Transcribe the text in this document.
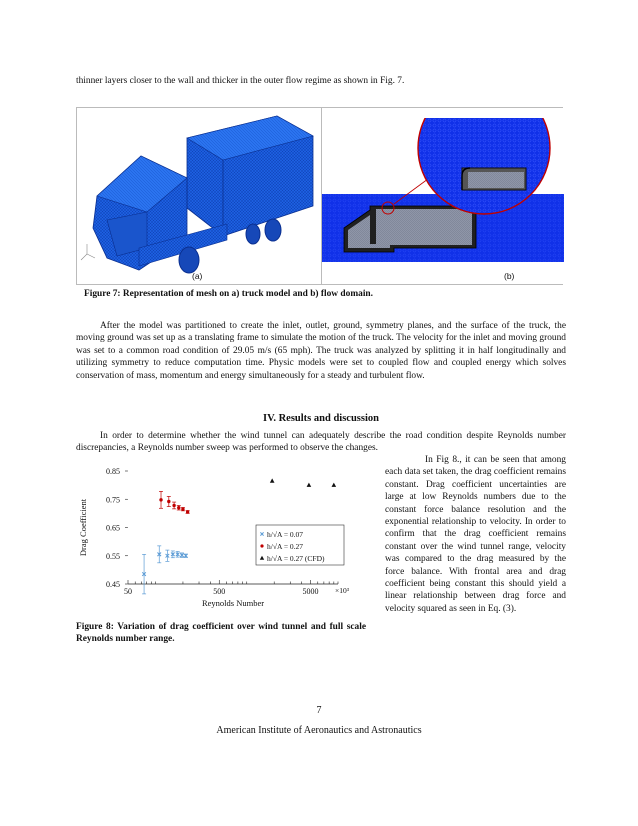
thinner layers closer to the wall and thicker in the outer flow regime as shown in Fig. 7.
(a)	(b)
Figure 7: Representation of mesh on a) truck model and b) flow domain.
After the model was partitioned to create the inlet, outlet, ground, symmetry planes, and the surface of the truck, the moving ground was set up as a translating frame to simulate the motion of the truck. The velocity for the inlet and moving ground was set to a common road condition of 29.05 m/s (65 mph). The truck was analyzed by splitting it in half longitudinally and utilizing symmetry to reduce computation time. Physic models were set to coupled flow and coupled energy which solves conservation of mass, momentum and energy simultaneously for a steady and turbulent flow.
IV. Results and discussion
In order to determine whether the wind tunnel can adequately describe the road condition despite Reynolds number discrepancies, a Reynolds number sweep was performed to observe the changes.
In Fig 8., it can be seen that among each data set taken, the drag coefficient remains constant. Drag coefficient uncertainties are large at low Reynolds numbers due to the constant force balance resolution and the exponential relationship to velocity. In order to confirm that the drag coefficient remains constant over the wind tunnel range, velocity was compared to the drag measured by the force balance. With frontal area and drag coefficient being constant this should yield a linear relationship between drag force and velocity squared as seen in Eq. (3).
0.45
0.55
0.65
0.75
0.85
50	500	5000 ×10³
Reynolds Number
Drag Coefficient	h/√A = 0.07
h/√A = 0.27
h/√A = 0.27 (CFD)
Figure 8: Variation of drag coefficient over wind tunnel and full scale Reynolds number range.
7
American Institute of Aeronautics and Astronautics
